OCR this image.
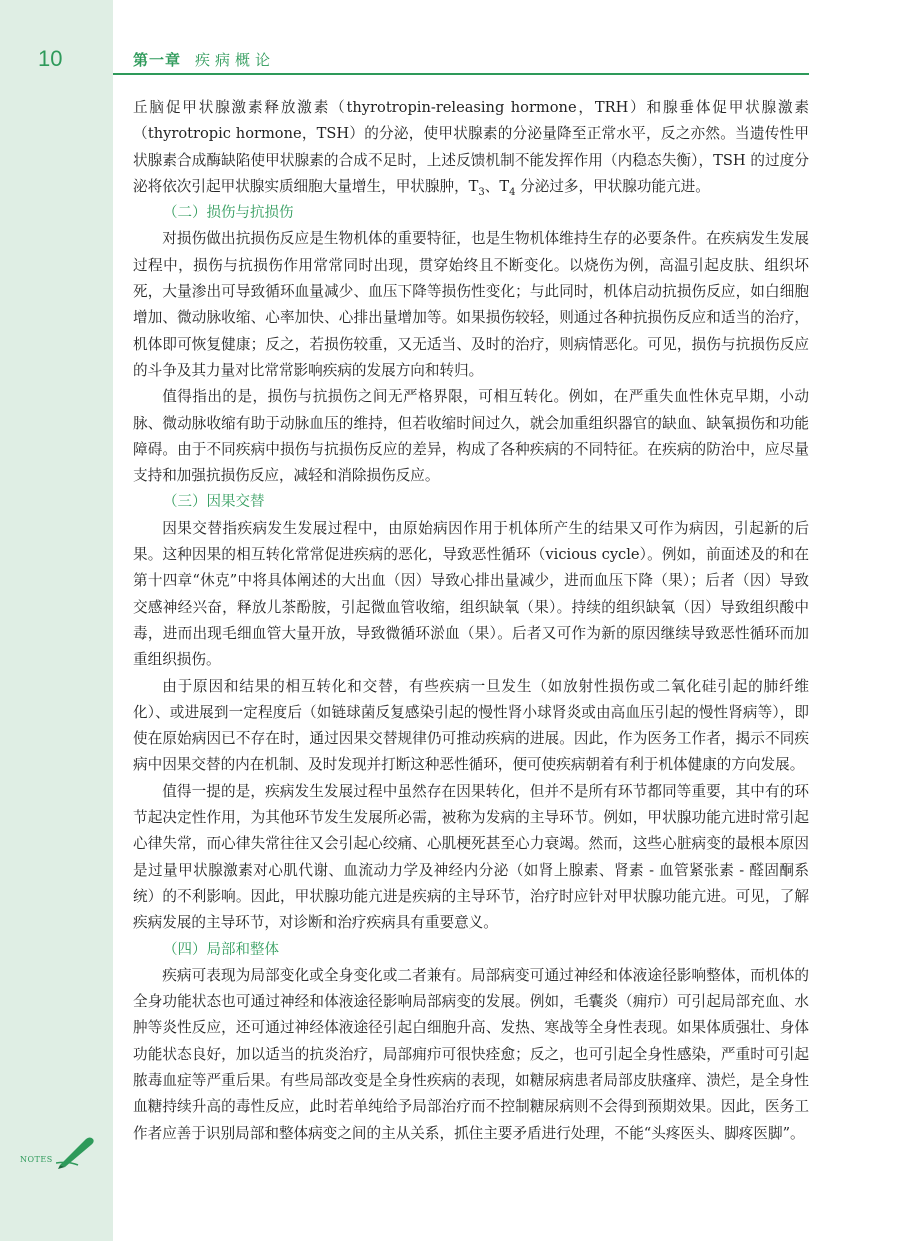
10	第一章 疾病概论

丘脑促甲状腺激素释放激素（thyrotropin-releasing hormone，TRH）和腺垂体促甲状腺激素（thyrotropic hormone，TSH）的分泌，使甲状腺素的分泌量降至正常水平，反之亦然。当遗传性甲状腺素合成酶缺陷使甲状腺素的合成不足时，上述反馈机制不能发挥作用（内稳态失衡），TSH 的过度分泌将依次引起甲状腺实质细胞大量增生，甲状腺肿，$T_3$、$T_4$ 分泌过多，甲状腺功能亢进。

（二）损伤与抗损伤

对损伤做出抗损伤反应是生物机体的重要特征，也是生物机体维持生存的必要条件。在疾病发生发展过程中，损伤与抗损伤作用常常同时出现，贯穿始终且不断变化。以烧伤为例，高温引起皮肤、组织坏死，大量渗出可导致循环血量减少、血压下降等损伤性变化；与此同时，机体启动抗损伤反应，如白细胞增加、微动脉收缩、心率加快、心排出量增加等。如果损伤较轻，则通过各种抗损伤反应和适当的治疗，机体即可恢复健康；反之，若损伤较重，又无适当、及时的治疗，则病情恶化。可见，损伤与抗损伤反应的斗争及其力量对比常常影响疾病的发展方向和转归。

值得指出的是，损伤与抗损伤之间无严格界限，可相互转化。例如，在严重失血性休克早期，小动脉、微动脉收缩有助于动脉血压的维持，但若收缩时间过久，就会加重组织器官的缺血、缺氧损伤和功能障碍。由于不同疾病中损伤与抗损伤反应的差异，构成了各种疾病的不同特征。在疾病的防治中，应尽量支持和加强抗损伤反应，减轻和消除损伤反应。

（三）因果交替

因果交替指疾病发生发展过程中，由原始病因作用于机体所产生的结果又可作为病因，引起新的后果。这种因果的相互转化常常促进疾病的恶化，导致恶性循环（vicious cycle）。例如，前面述及的和在第十四章“休克”中将具体阐述的大出血（因）导致心排出量减少，进而血压下降（果）；后者（因）导致交感神经兴奋，释放儿茶酚胺，引起微血管收缩，组织缺氧（果）。持续的组织缺氧（因）导致组织酸中毒，进而出现毛细血管大量开放，导致微循环淤血（果）。后者又可作为新的原因继续导致恶性循环而加重组织损伤。

由于原因和结果的相互转化和交替，有些疾病一旦发生（如放射性损伤或二氧化硅引起的肺纤维化）、或进展到一定程度后（如链球菌反复感染引起的慢性肾小球肾炎或由高血压引起的慢性肾病等），即使在原始病因已不存在时，通过因果交替规律仍可推动疾病的进展。因此，作为医务工作者，揭示不同疾病中因果交替的内在机制、及时发现并打断这种恶性循环，便可使疾病朝着有利于机体健康的方向发展。

值得一提的是，疾病发生发展过程中虽然存在因果转化，但并不是所有环节都同等重要，其中有的环节起决定性作用，为其他环节发生发展所必需，被称为发病的主导环节。例如，甲状腺功能亢进时常引起心律失常，而心律失常往往又会引起心绞痛、心肌梗死甚至心力衰竭。然而，这些心脏病变的最根本原因是过量甲状腺激素对心肌代谢、血流动力学及神经内分泌（如肾上腺素、肾素 - 血管紧张素 - 醛固酮系统）的不利影响。因此，甲状腺功能亢进是疾病的主导环节，治疗时应针对甲状腺功能亢进。可见，了解疾病发展的主导环节，对诊断和治疗疾病具有重要意义。

（四）局部和整体

疾病可表现为局部变化或全身变化或二者兼有。局部病变可通过神经和体液途径影响整体，而机体的全身功能状态也可通过神经和体液途径影响局部病变的发展。例如，毛囊炎（痈疖）可引起局部充血、水肿等炎性反应，还可通过神经体液途径引起白细胞升高、发热、寒战等全身性表现。如果体质强壮、身体功能状态良好，加以适当的抗炎治疗，局部痈疖可很快痊愈；反之，也可引起全身性感染，严重时可引起脓毒血症等严重后果。有些局部改变是全身性疾病的表现，如糖尿病患者局部皮肤瘙痒、溃烂，是全身性血糖持续升高的毒性反应，此时若单纯给予局部治疗而不控制糖尿病则不会得到预期效果。因此，医务工作者应善于识别局部和整体病变之间的主从关系，抓住主要矛盾进行处理，不能“头疼医头、脚疼医脚”。

NOTES
